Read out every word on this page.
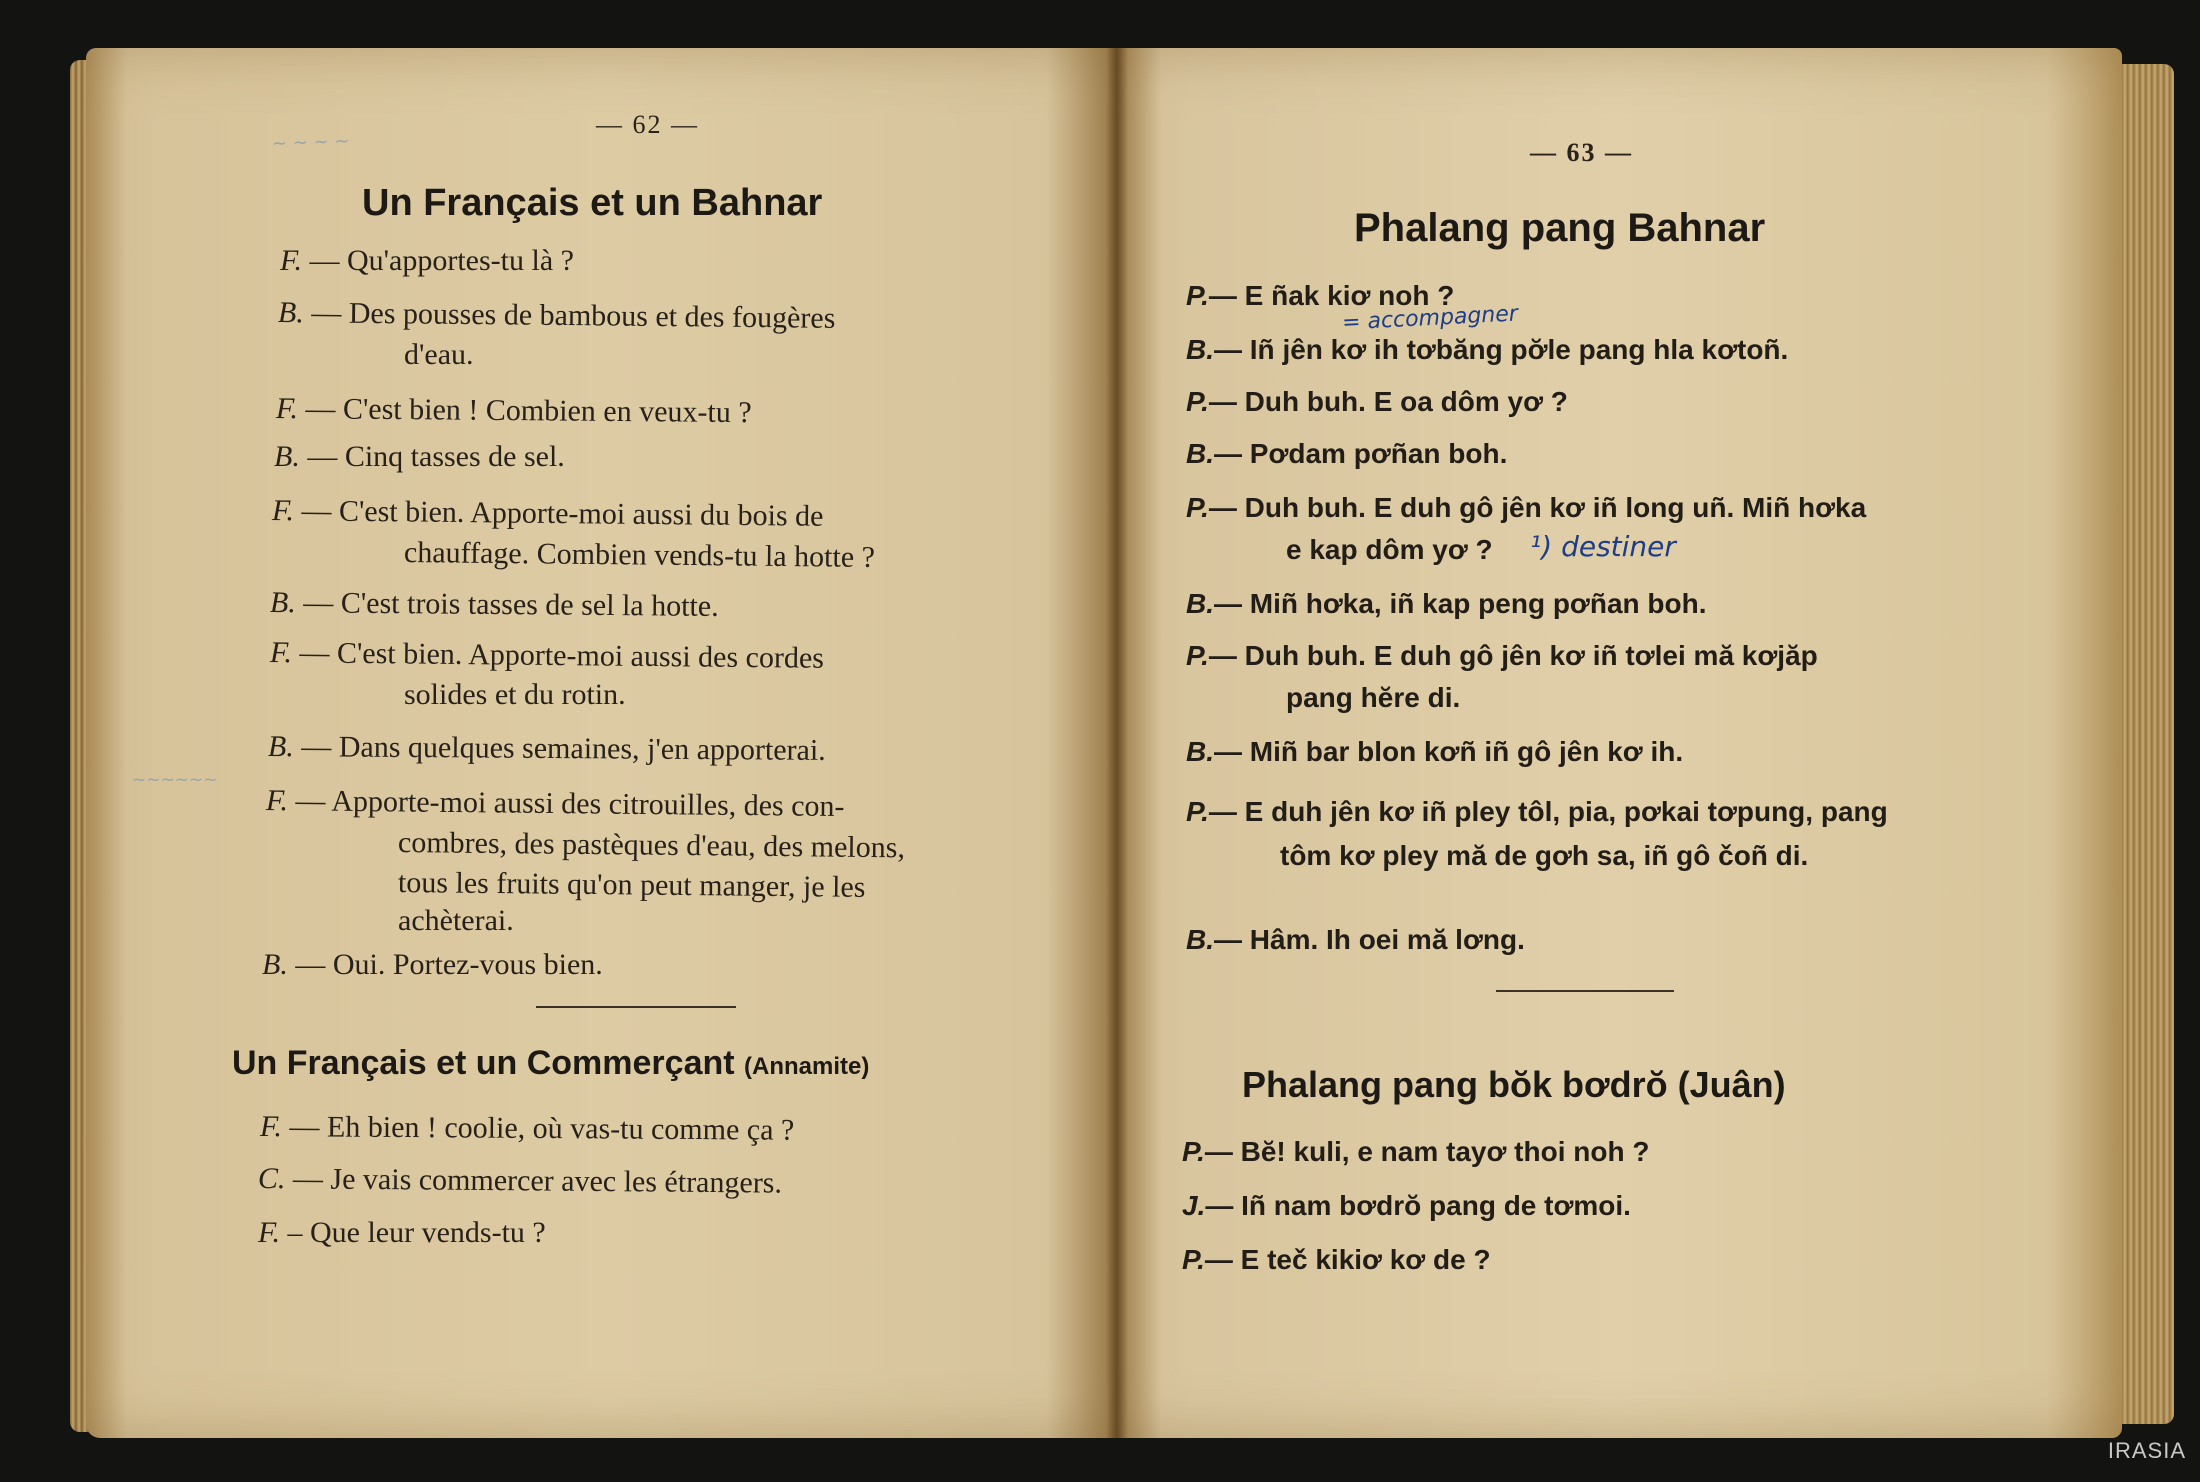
— 62 —
~ ~ ~ ~
Un Français et un Bahnar
F. — Qu'apportes-tu là ?
B. — Des pousses de bambous et des fougères
d'eau.
F. — C'est bien ! Combien en veux-tu ?
B. — Cinq tasses de sel.
F. — C'est bien. Apporte-moi aussi du bois de
chauffage. Combien vends-tu la hotte ?
B. — C'est trois tasses de sel la hotte.
F. — C'est bien. Apporte-moi aussi des cordes
solides et du rotin.
B. — Dans quelques semaines, j'en apporterai.
~~~~~~
F. — Apporte-moi aussi des citrouilles, des con-
combres, des pastèques d'eau, des melons,
tous les fruits qu'on peut manger, je les
achèterai.
B. — Oui. Portez-vous bien.
Un Français et un Commerçant (Annamite)
F. — Eh bien ! coolie, où vas-tu comme ça ?
C. — Je vais commercer avec les étrangers.
F. – Que leur vends-tu ?
— 63 —
Phalang pang Bahnar
= accompagner
P.— E ñak kiơ noh ?
B.— Iñ jên kơ ih tơbăng pơ̆le pang hla kơtoñ.
P.— Duh buh. E oa dôm yơ ?
B.— Pơdam pơñan boh.
P.— Duh buh. E duh gô jên kơ iñ long uñ. Miñ hơka
e kap dôm yơ ? ¹) destiner
B.— Miñ hơka, iñ kap peng pơñan boh.
P.— Duh buh. E duh gô jên kơ iñ tơlei mă kơjăp
pang hĕre di.
B.— Miñ bar blon kơñ iñ gô jên kơ ih.
P.— E duh jên kơ iñ pley tôl, pia, pơkai tơpung, pang
tôm kơ pley mă de gơh sa, iñ gô čoñ di.
B.— Hâm. Ih oei mă lơng.
Phalang pang bŏk bơdrŏ (Juân)
P.— Bĕ! kuli, e nam tayơ thoi noh ?
J.— Iñ nam bơdrŏ pang de tơmoi.
P.— E teč kikiơ kơ de ?
IRASIA
